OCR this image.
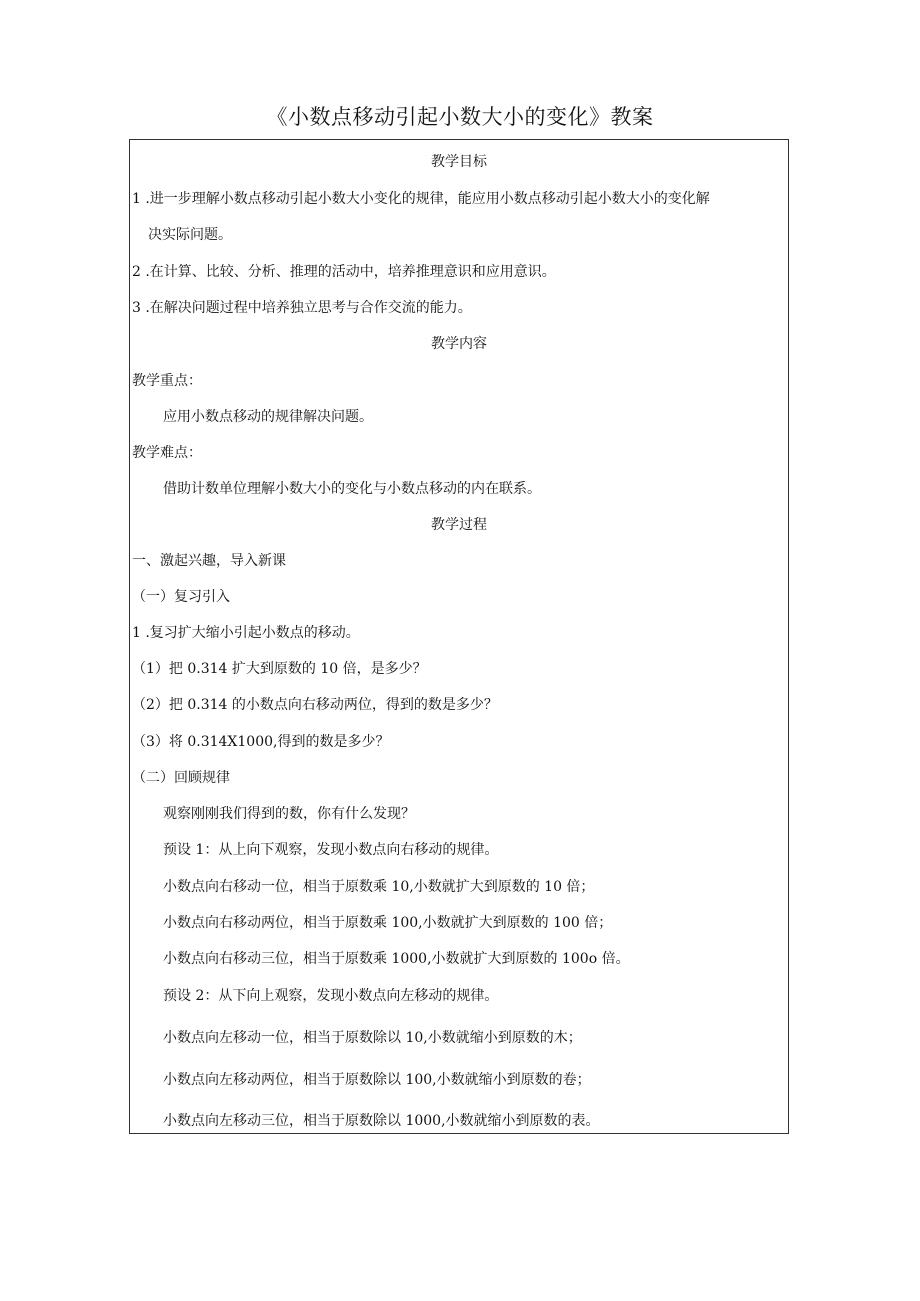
《小数点移动引起小数大小的变化》教案
教学目标
1 .进一步理解小数点移动引起小数大小变化的规律，能应用小数点移动引起小数大小的变化解
决实际问题。
2 .在计算、比较、分析、推理的活动中，培养推理意识和应用意识。
3 .在解决问题过程中培养独立思考与合作交流的能力。
教学内容
教学重点：
应用小数点移动的规律解决问题。
教学难点：
借助计数单位理解小数大小的变化与小数点移动的内在联系。
教学过程
一、激起兴趣，导入新课
（一）复习引入
1 .复习扩大缩小引起小数点的移动。
（1）把 0.314 扩大到原数的 10 倍，是多少？
（2）把 0.314 的小数点向右移动两位，得到的数是多少？
（3）将 0.314X1000,得到的数是多少？
（二）回顾规律
观察刚刚我们得到的数，你有什么发现？
预设 1：从上向下观察，发现小数点向右移动的规律。
小数点向右移动一位，相当于原数乘 10,小数就扩大到原数的 10 倍；
小数点向右移动两位，相当于原数乘 100,小数就扩大到原数的 100 倍；
小数点向右移动三位，相当于原数乘 1000,小数就扩大到原数的 100o 倍。
预设 2：从下向上观察，发现小数点向左移动的规律。
小数点向左移动一位，相当于原数除以 10,小数就缩小到原数的木；
小数点向左移动两位，相当于原数除以 100,小数就缩小到原数的卷；
小数点向左移动三位，相当于原数除以 1000,小数就缩小到原数的表。
